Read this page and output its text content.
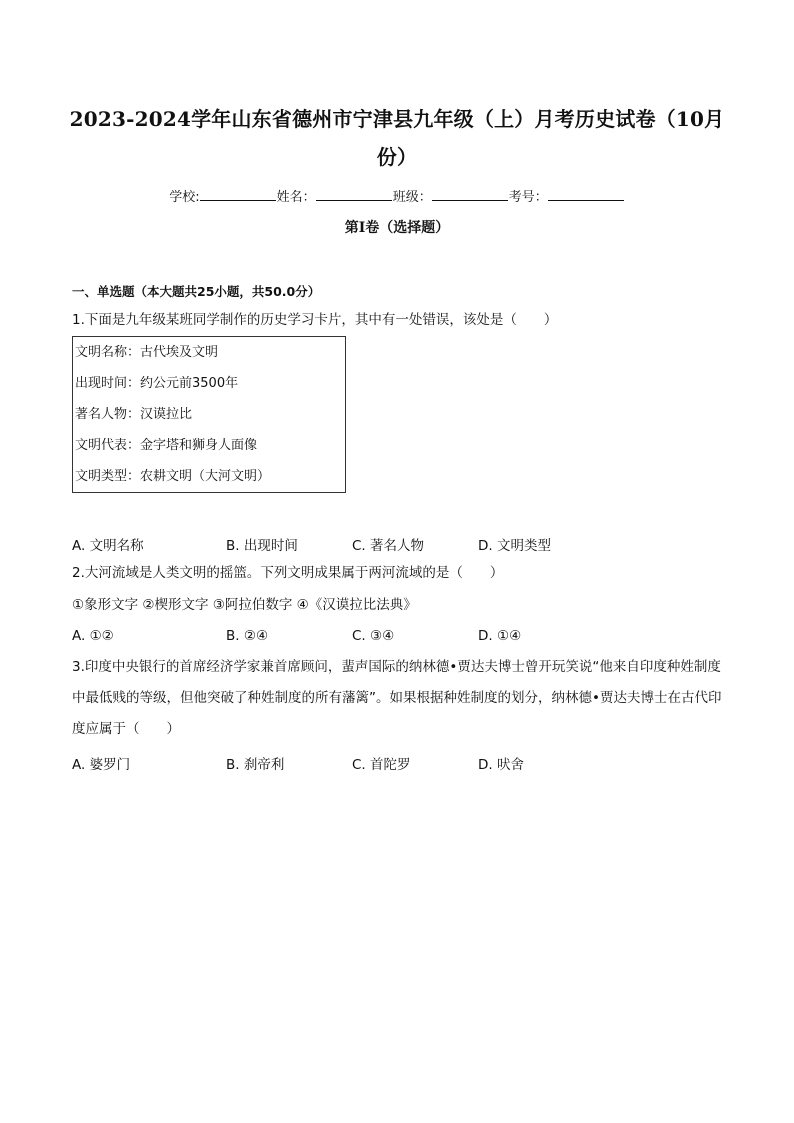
2023-2024学年山东省德州市宁津县九年级（上）月考历史试卷（10月份）
学校:	姓名：	班级：	考号：
第I卷（选择题）
一、单选题（本大题共25小题，共50.0分）
1.下面是九年级某班同学制作的历史学习卡片，其中有一处错误，该处是（　　）
文明名称：古代埃及文明
出现时间：约公元前3500年
著名人物：汉谟拉比
文明代表：金字塔和狮身人面像
文明类型：农耕文明（大河文明）
A. 文明名称	B. 出现时间	C. 著名人物	D. 文明类型
2.大河流域是人类文明的摇篮。下列文明成果属于两河流域的是（　　）
①象形文字 ②楔形文字 ③阿拉伯数字 ④《汉谟拉比法典》
A. ①②	B. ②④	C. ③④	D. ①④
3.印度中央银行的首席经济学家兼首席顾问，蜚声国际的纳林德•贾达夫博士曾开玩笑说“他来自印度种姓制度中最低贱的等级，但他突破了种姓制度的所有藩篱”。如果根据种姓制度的划分，纳林德•贾达夫博士在古代印度应属于（　　）
A. 婆罗门	B. 刹帝利	C. 首陀罗	D. 吠舍
